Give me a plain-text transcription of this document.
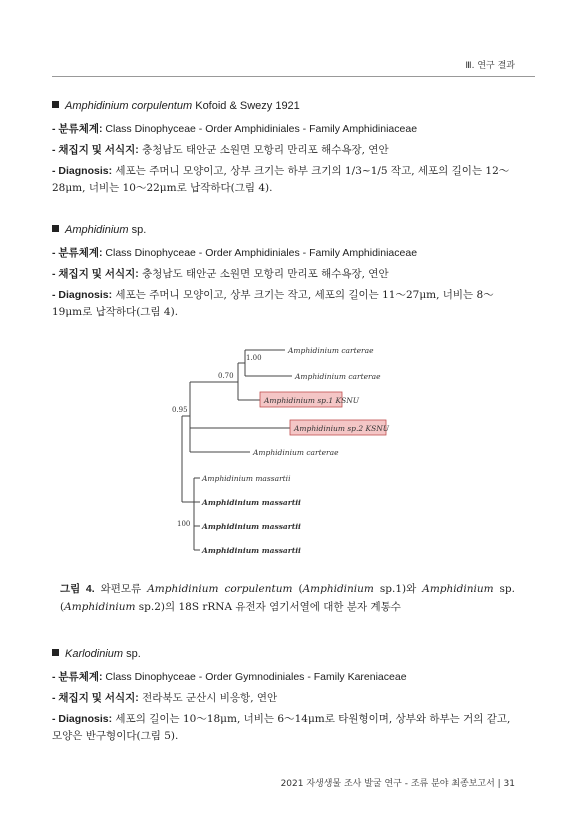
Ⅲ. 연구 결과

Amphidinium corpulentum Kofoid & Swezy 1921

- 분류체계: Class Dinophyceae - Order Amphidiniales - Family Amphidiniaceae

- 채집지 및 서식지: 충청남도 태안군 소원면 모항리 만리포 해수욕장, 연안

- Diagnosis: 세포는 주머니 모양이고, 상부 크기는 하부 크기의 1/3~1/5 작고, 세포의 길이는 12～28μm, 너비는 10～22μm로 납작하다(그림 4).

Amphidinium sp.

- 분류체계: Class Dinophyceae - Order Amphidiniales - Family Amphidiniaceae

- 채집지 및 서식지: 충청남도 태안군 소원면 모항리 만리포 해수욕장, 연안

- Diagnosis: 세포는 주머니 모양이고, 상부 크기는 작고, 세포의 길이는 11～27μm, 너비는 8～19μm로 납작하다(그림 4).

1.00
0.70
0.95
100
Amphidinium carterae
Amphidinium carterae
Amphidinium sp.1 KSNU
Amphidinium sp.2 KSNU
Amphidinium carterae
Amphidinium massartii
Amphidinium massartii
Amphidinium massartii
Amphidinium massartii
그림 4. 와편모류 Amphidinium corpulentum (Amphidinium sp.1)와 Amphidinium sp. (Amphidinium sp.2)의 18S rRNA 유전자 염기서열에 대한 분자 계통수

Karlodinium sp.

- 분류체계: Class Dinophyceae - Order Gymnodiniales - Family Kareniaceae

- 채집지 및 서식지: 전라북도 군산시 비응항, 연안

- Diagnosis: 세포의 길이는 10～18μm, 너비는 6～14μm로 타원형이며, 상부와 하부는 거의 같고, 모양은 반구형이다(그림 5).

2021 자생생물 조사 발굴 연구 - 조류 분야 최종보고서 | 31
